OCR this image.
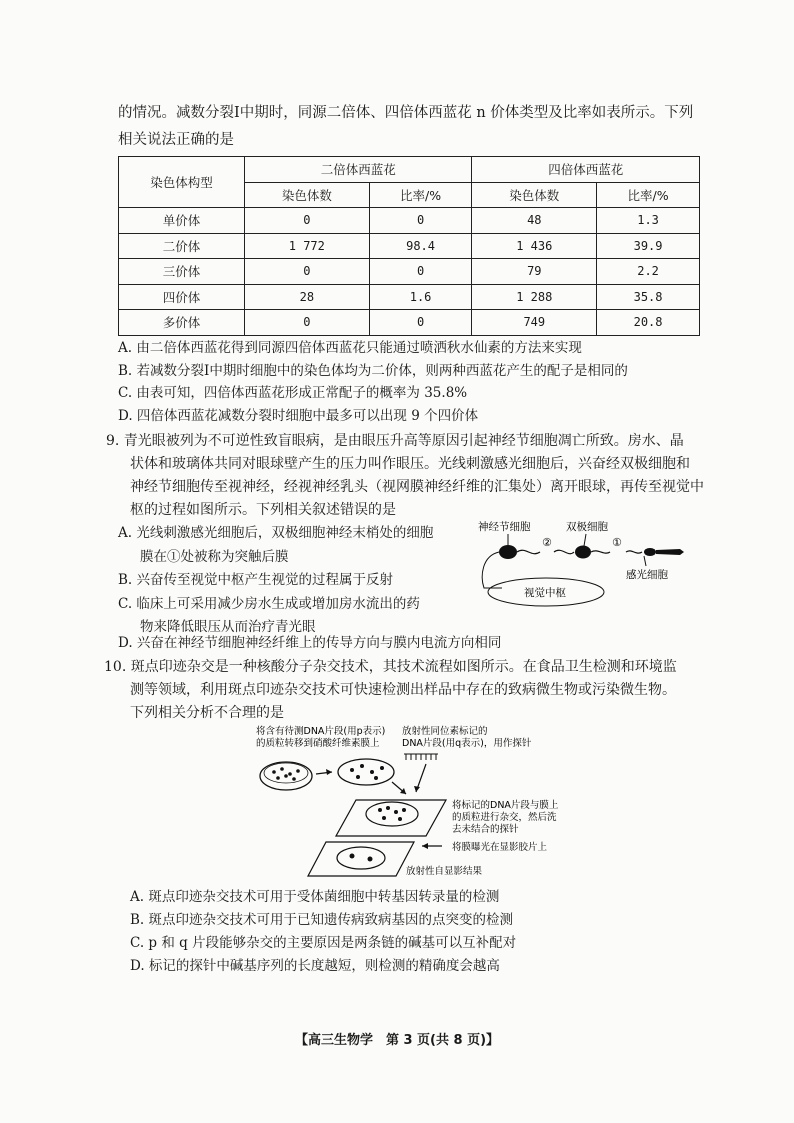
的情况。减数分裂Ⅰ中期时，同源二倍体、四倍体西蓝花 n 价体类型及比率如表所示。下列
相关说法正确的是
染色体构型	二倍体西蓝花		四倍体西蓝花	
	染色体数	比率/%	染色体数	比率/%
单价体	0	0	48	1.3
二价体	1 772	98.4	1 436	39.9
三价体	0	0	79	2.2
四价体	28	1.6	1 288	35.8
多价体	0	0	749	20.8
A. 由二倍体西蓝花得到同源四倍体西蓝花只能通过喷洒秋水仙素的方法来实现
B. 若减数分裂Ⅰ中期时细胞中的染色体均为二价体，则两种西蓝花产生的配子是相同的
C. 由表可知，四倍体西蓝花形成正常配子的概率为 35.8%
D. 四倍体西蓝花减数分裂时细胞中最多可以出现 9 个四价体
9. 青光眼被列为不可逆性致盲眼病，是由眼压升高等原因引起神经节细胞凋亡所致。房水、晶
状体和玻璃体共同对眼球壁产生的压力叫作眼压。光线刺激感光细胞后，兴奋经双极细胞和
神经节细胞传至视神经，经视神经乳头（视网膜神经纤维的汇集处）离开眼球，再传至视觉中
枢的过程如图所示。下列相关叙述错误的是
A. 光线刺激感光细胞后，双极细胞神经末梢处的细胞
膜在①处被称为突触后膜
B. 兴奋传至视觉中枢产生视觉的过程属于反射
C. 临床上可采用减少房水生成或增加房水流出的药
物来降低眼压从而治疗青光眼
D. 兴奋在神经节细胞神经纤维上的传导方向与膜内电流方向相同
神经节细胞	双极细胞
②	①
感光细胞
视觉中枢
10. 斑点印迹杂交是一种核酸分子杂交技术，其技术流程如图所示。在食品卫生检测和环境监
测等领域，利用斑点印迹杂交技术可快速检测出样品中存在的致病微生物或污染微生物。
下列相关分析不合理的是
将含有待测DNA片段(用p表示)
的质粒转移到硝酸纤维素膜上
放射性同位素标记的
DNA片段(用q表示)，用作探针
将标记的DNA片段与膜上
的质粒进行杂交，然后洗
去未结合的探针
将膜曝光在显影胶片上
放射性自显影结果
A. 斑点印迹杂交技术可用于受体菌细胞中转基因转录量的检测
B. 斑点印迹杂交技术可用于已知遗传病致病基因的点突变的检测
C. p 和 q 片段能够杂交的主要原因是两条链的碱基可以互补配对
D. 标记的探针中碱基序列的长度越短，则检测的精确度会越高
【高三生物学　第 3 页(共 8 页)】
